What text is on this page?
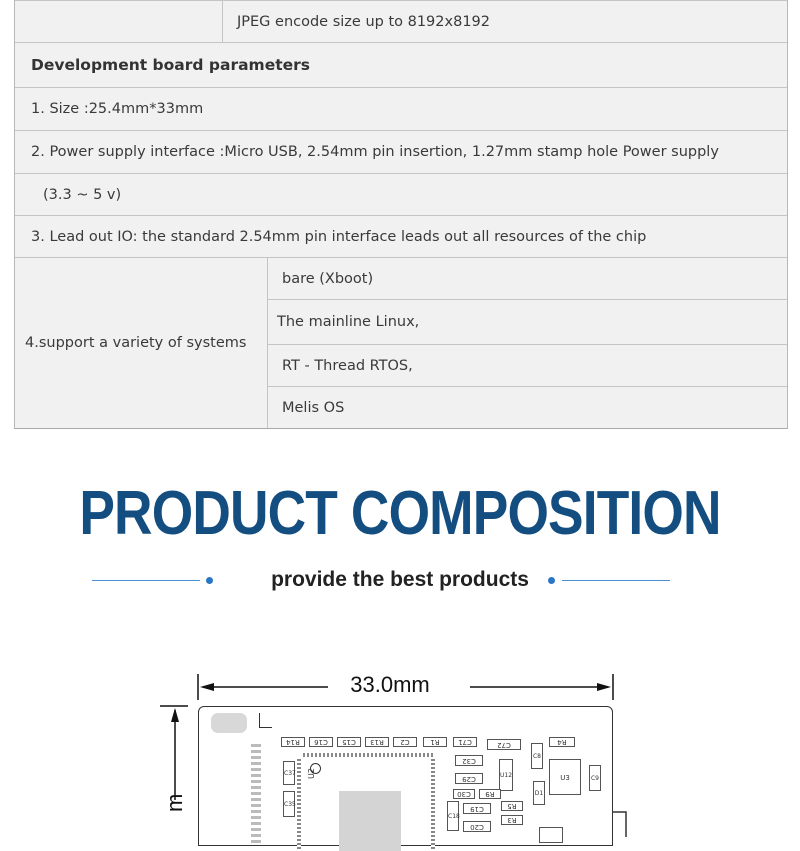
JPEG encode size up to 8192x8192
Development board parameters
1. Size :25.4mm*33mm
2. Power supply interface :Micro USB, 2.54mm pin insertion, 1.27mm stamp hole Power supply
(3.3 ~ 5 v)
3. Lead out IO: the standard 2.54mm pin interface leads out all resources of the chip
4.support a variety of systems
bare (Xboot)
The mainline Linux,
RT - Thread RTOS,
Melis OS
PRODUCT COMPOSITION
provide the best products
33.0mm
m
R14	C16	C15	R13	C2	R1	C71	C72	R4
U2
C37
C35
C32
C29	U12
C8
U3	C9
C30	R9	D1
C19	R5
C18	R3
C20
